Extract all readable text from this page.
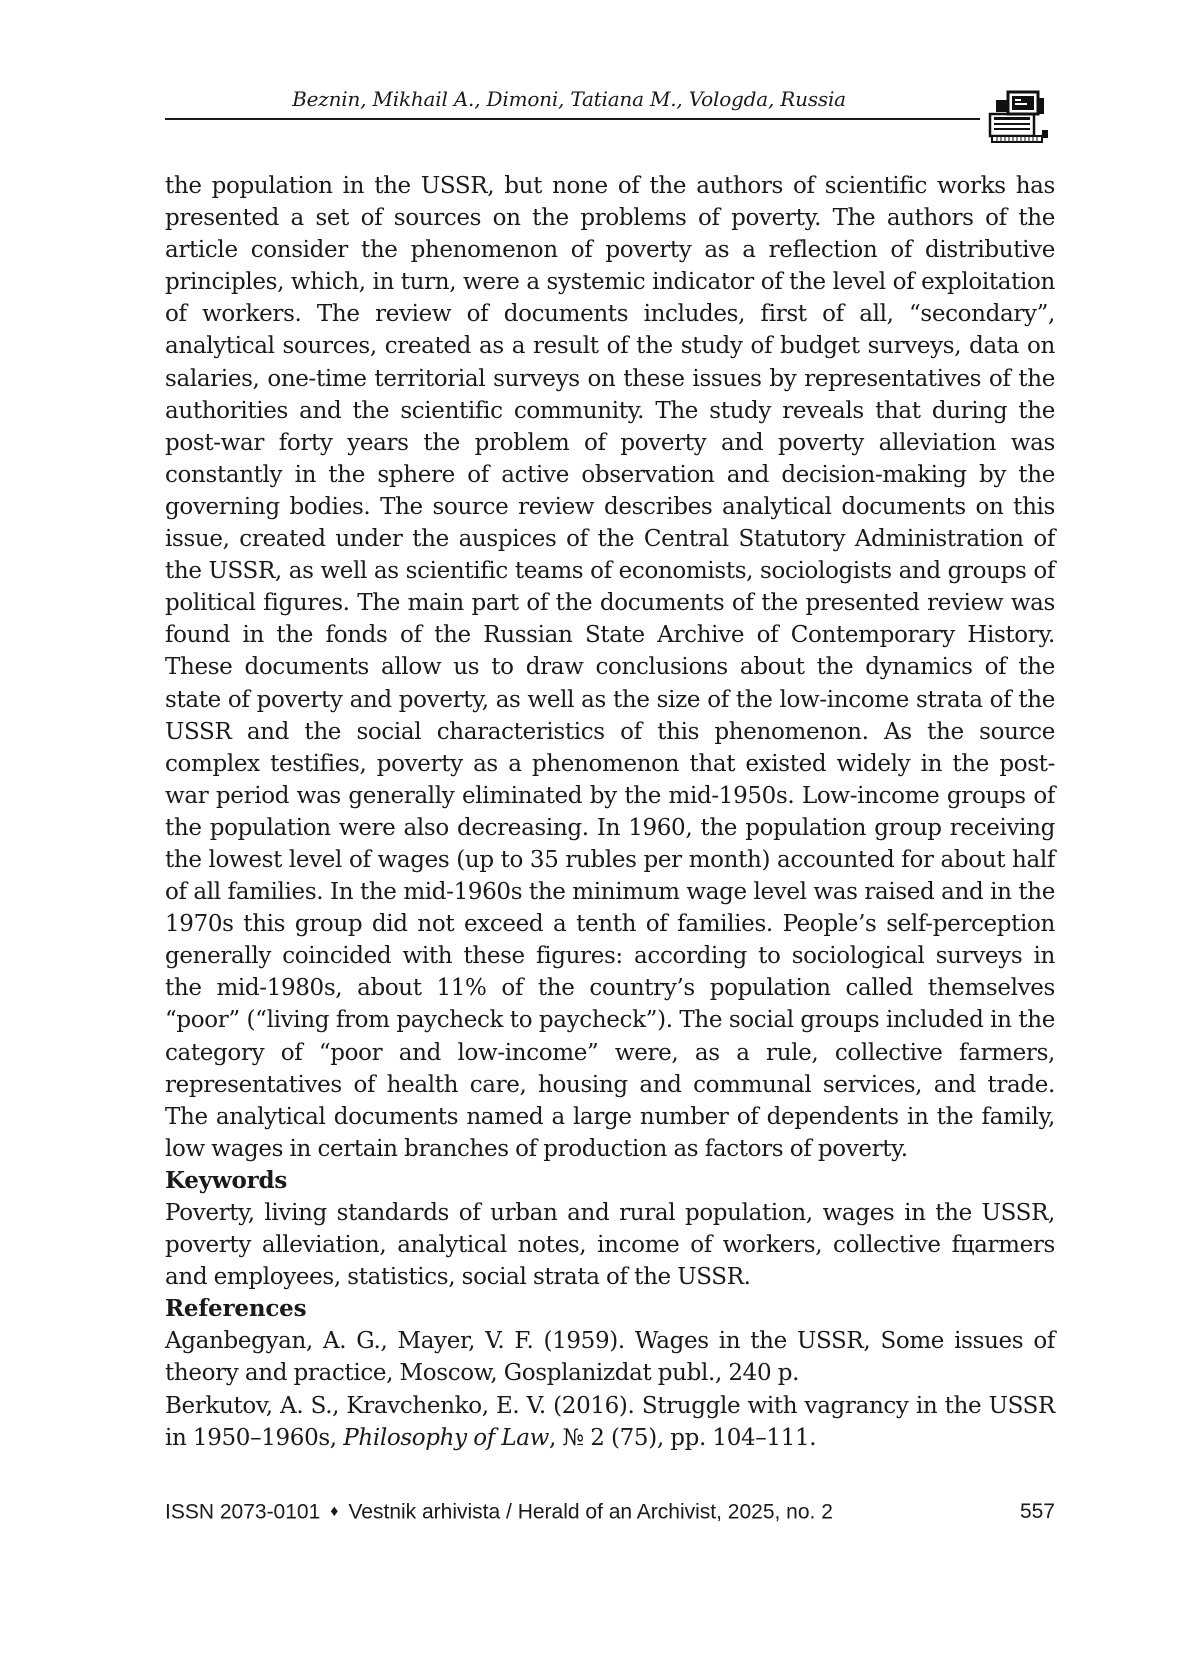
Beznin, Mikhail A., Dimoni, Tatiana M., Vologda, Russia

the population in the USSR, but none of the authors of scientific works has presented a set of sources on the problems of poverty. The authors of the article consider the phenomenon of poverty as a reflection of distributive principles, which, in turn, were a systemic indicator of the level of exploitation of workers. The review of documents includes, first of all, “secondary”, analytical sources, created as a result of the study of budget surveys, data on salaries, one-time territorial surveys on these issues by representatives of the authorities and the scientific community. The study reveals that during the post-war forty years the problem of poverty and poverty alleviation was constantly in the sphere of active observation and decision-making by the governing bodies. The source review describes analytical documents on this issue, created under the auspices of the Central Statutory Administration of the USSR, as well as scientific teams of economists, sociologists and groups of political figures. The main part of the documents of the presented review was found in the fonds of the Russian State Archive of Contemporary History. These documents allow us to draw conclusions about the dynamics of the state of poverty and poverty, as well as the size of the low-income strata of the USSR and the social characteristics of this phenomenon. As the source complex testifies, poverty as a phenomenon that existed widely in the post-war period was generally eliminated by the mid-1950s. Low-income groups of the population were also decreasing. In 1960, the population group receiving the lowest level of wages (up to 35 rubles per month) accounted for about half of all families. In the mid-1960s the minimum wage level was raised and in the 1970s this group did not exceed a tenth of families. People’s self-perception generally coincided with these figures: according to sociological surveys in the mid-1980s, about 11% of the country’s population called themselves “poor” (“living from paycheck to paycheck”). The social groups included in the category of “poor and low-income” were, as a rule, collective farmers, representatives of health care, housing and communal services, and trade. The analytical documents named a large number of dependents in the family, low wages in certain branches of production as factors of poverty.

Keywords

Poverty, living standards of urban and rural population, wages in the USSR, poverty alleviation, analytical notes, income of workers, collective fцarmers and employees, statistics, social strata of the USSR.

References

Aganbegyan, A. G., Mayer, V. F. (1959). Wages in the USSR, Some issues of theory and practice, Moscow, Gosplanizdat publ., 240 p.

Berkutov, A. S., Kravchenko, E. V. (2016). Struggle with vagrancy in the USSR in 1950–1960s, Philosophy of Law, № 2 (75), pp. 104–111.

ISSN 2073-0101 ♦ Vestnik arhivista / Herald of an Archivist, 2025, no. 2	557
